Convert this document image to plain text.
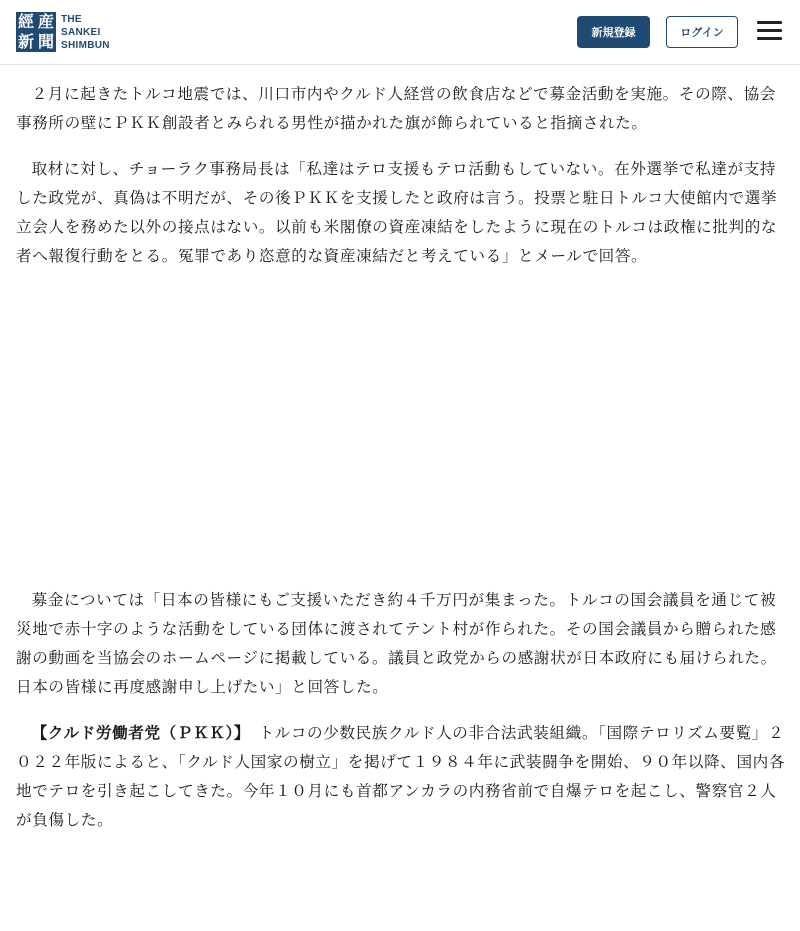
經 産
新 聞
THE
SANKEI
SHIMBUN
新規登録	ログイン

２月に起きたトルコ地震では、川口市内やクルド人経営の飲食店などで募金活動を実施。その際、協会事務所の壁にＰＫＫ創設者とみられる男性が描かれた旗が飾られていると指摘された。

取材に対し、チョーラク事務局長は「私達はテロ支援もテロ活動もしていない。在外選挙で私達が支持した政党が、真偽は不明だが、その後ＰＫＫを支援したと政府は言う。投票と駐日トルコ大使館内で選挙立会人を務めた以外の接点はない。以前も米閣僚の資産凍結をしたように現在のトルコは政権に批判的な者へ報復行動をとる。冤罪であり恣意的な資産凍結だと考えている」とメールで回答。

募金については「日本の皆様にもご支援いただき約４千万円が集まった。トルコの国会議員を通じて被災地で赤十字のような活動をしている団体に渡されてテント村が作られた。その国会議員から贈られた感謝の動画を当協会のホームページに掲載している。議員と政党からの感謝状が日本政府にも届けられた。日本の皆様に再度感謝申し上げたい」と回答した。

【クルド労働者党（ＰＫＫ）】　トルコの少数民族クルド人の非合法武装組織。「国際テロリズム要覧」２０２２年版によると、「クルド人国家の樹立」を掲げて１９８４年に武装闘争を開始、９０年以降、国内各地でテロを引き起こしてきた。今年１０月にも首都アンカラの内務省前で自爆テロを起こし、警察官２人が負傷した。
